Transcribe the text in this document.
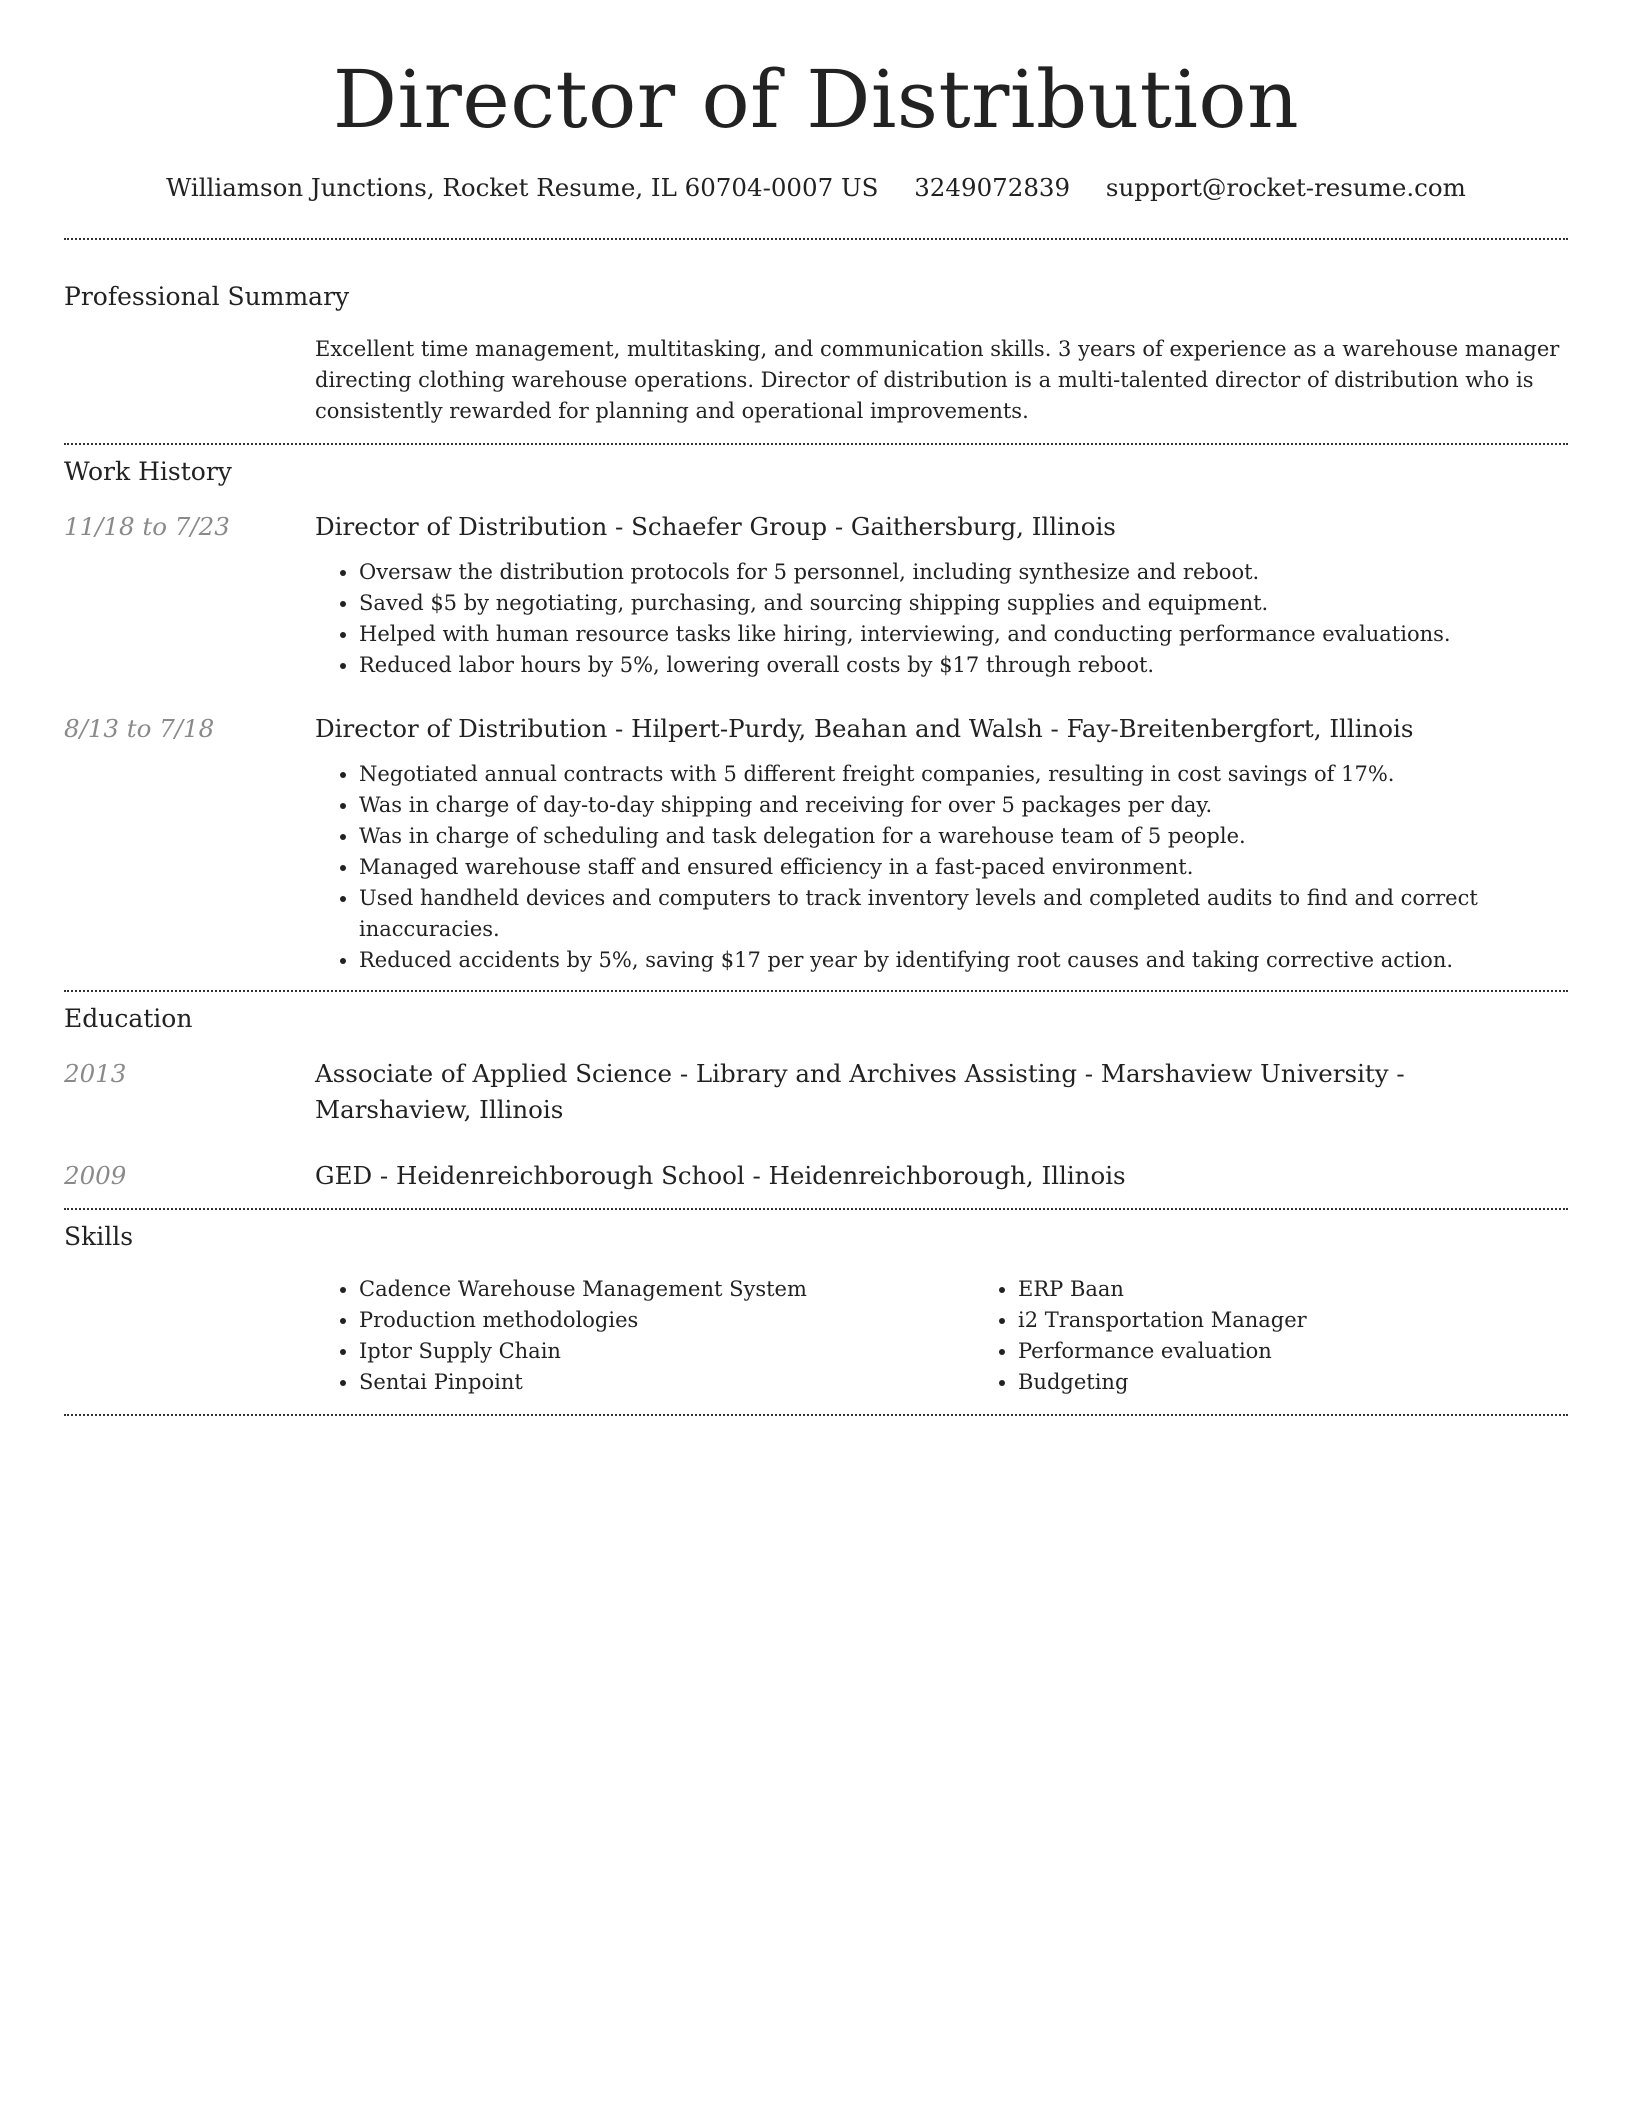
Director of Distribution
Williamson Junctions, Rocket Resume, IL 60704-0007 US 3249072839 support@rocket-resume.com
Professional Summary

Excellent time management, multitasking, and communication skills. 3 years of experience as a warehouse manager directing clothing warehouse operations. Director of distribution is a multi-talented director of distribution who is consistently rewarded for planning and operational improvements.

Work History
11/18 to 7/23	Director of Distribution - Schaefer Group - Gaithersburg, Illinois

• Oversaw the distribution protocols for 5 personnel, including synthesize and reboot.
• Saved $5 by negotiating, purchasing, and sourcing shipping supplies and equipment.
• Helped with human resource tasks like hiring, interviewing, and conducting performance evaluations.
• Reduced labor hours by 5%, lowering overall costs by $17 through reboot.
8/13 to 7/18	Director of Distribution - Hilpert-Purdy, Beahan and Walsh - Fay-Breitenbergfort, Illinois

• Negotiated annual contracts with 5 different freight companies, resulting in cost savings of 17%.
• Was in charge of day-to-day shipping and receiving for over 5 packages per day.
• Was in charge of scheduling and task delegation for a warehouse team of 5 people.
• Managed warehouse staff and ensured efficiency in a fast-paced environment.
• Used handheld devices and computers to track inventory levels and completed audits to find and correct inaccuracies.
• Reduced accidents by 5%, saving $17 per year by identifying root causes and taking corrective action.
Education
2013	Associate of Applied Science - Library and Archives Assisting - Marshaview University - Marshaview, Illinois

2009	GED - Heidenreichborough School - Heidenreichborough, Illinois

Skills
• Cadence Warehouse Management System
• Production methodologies
• Iptor Supply Chain
• Sentai Pinpoint
• ERP Baan
• i2 Transportation Manager
• Performance evaluation
• Budgeting
